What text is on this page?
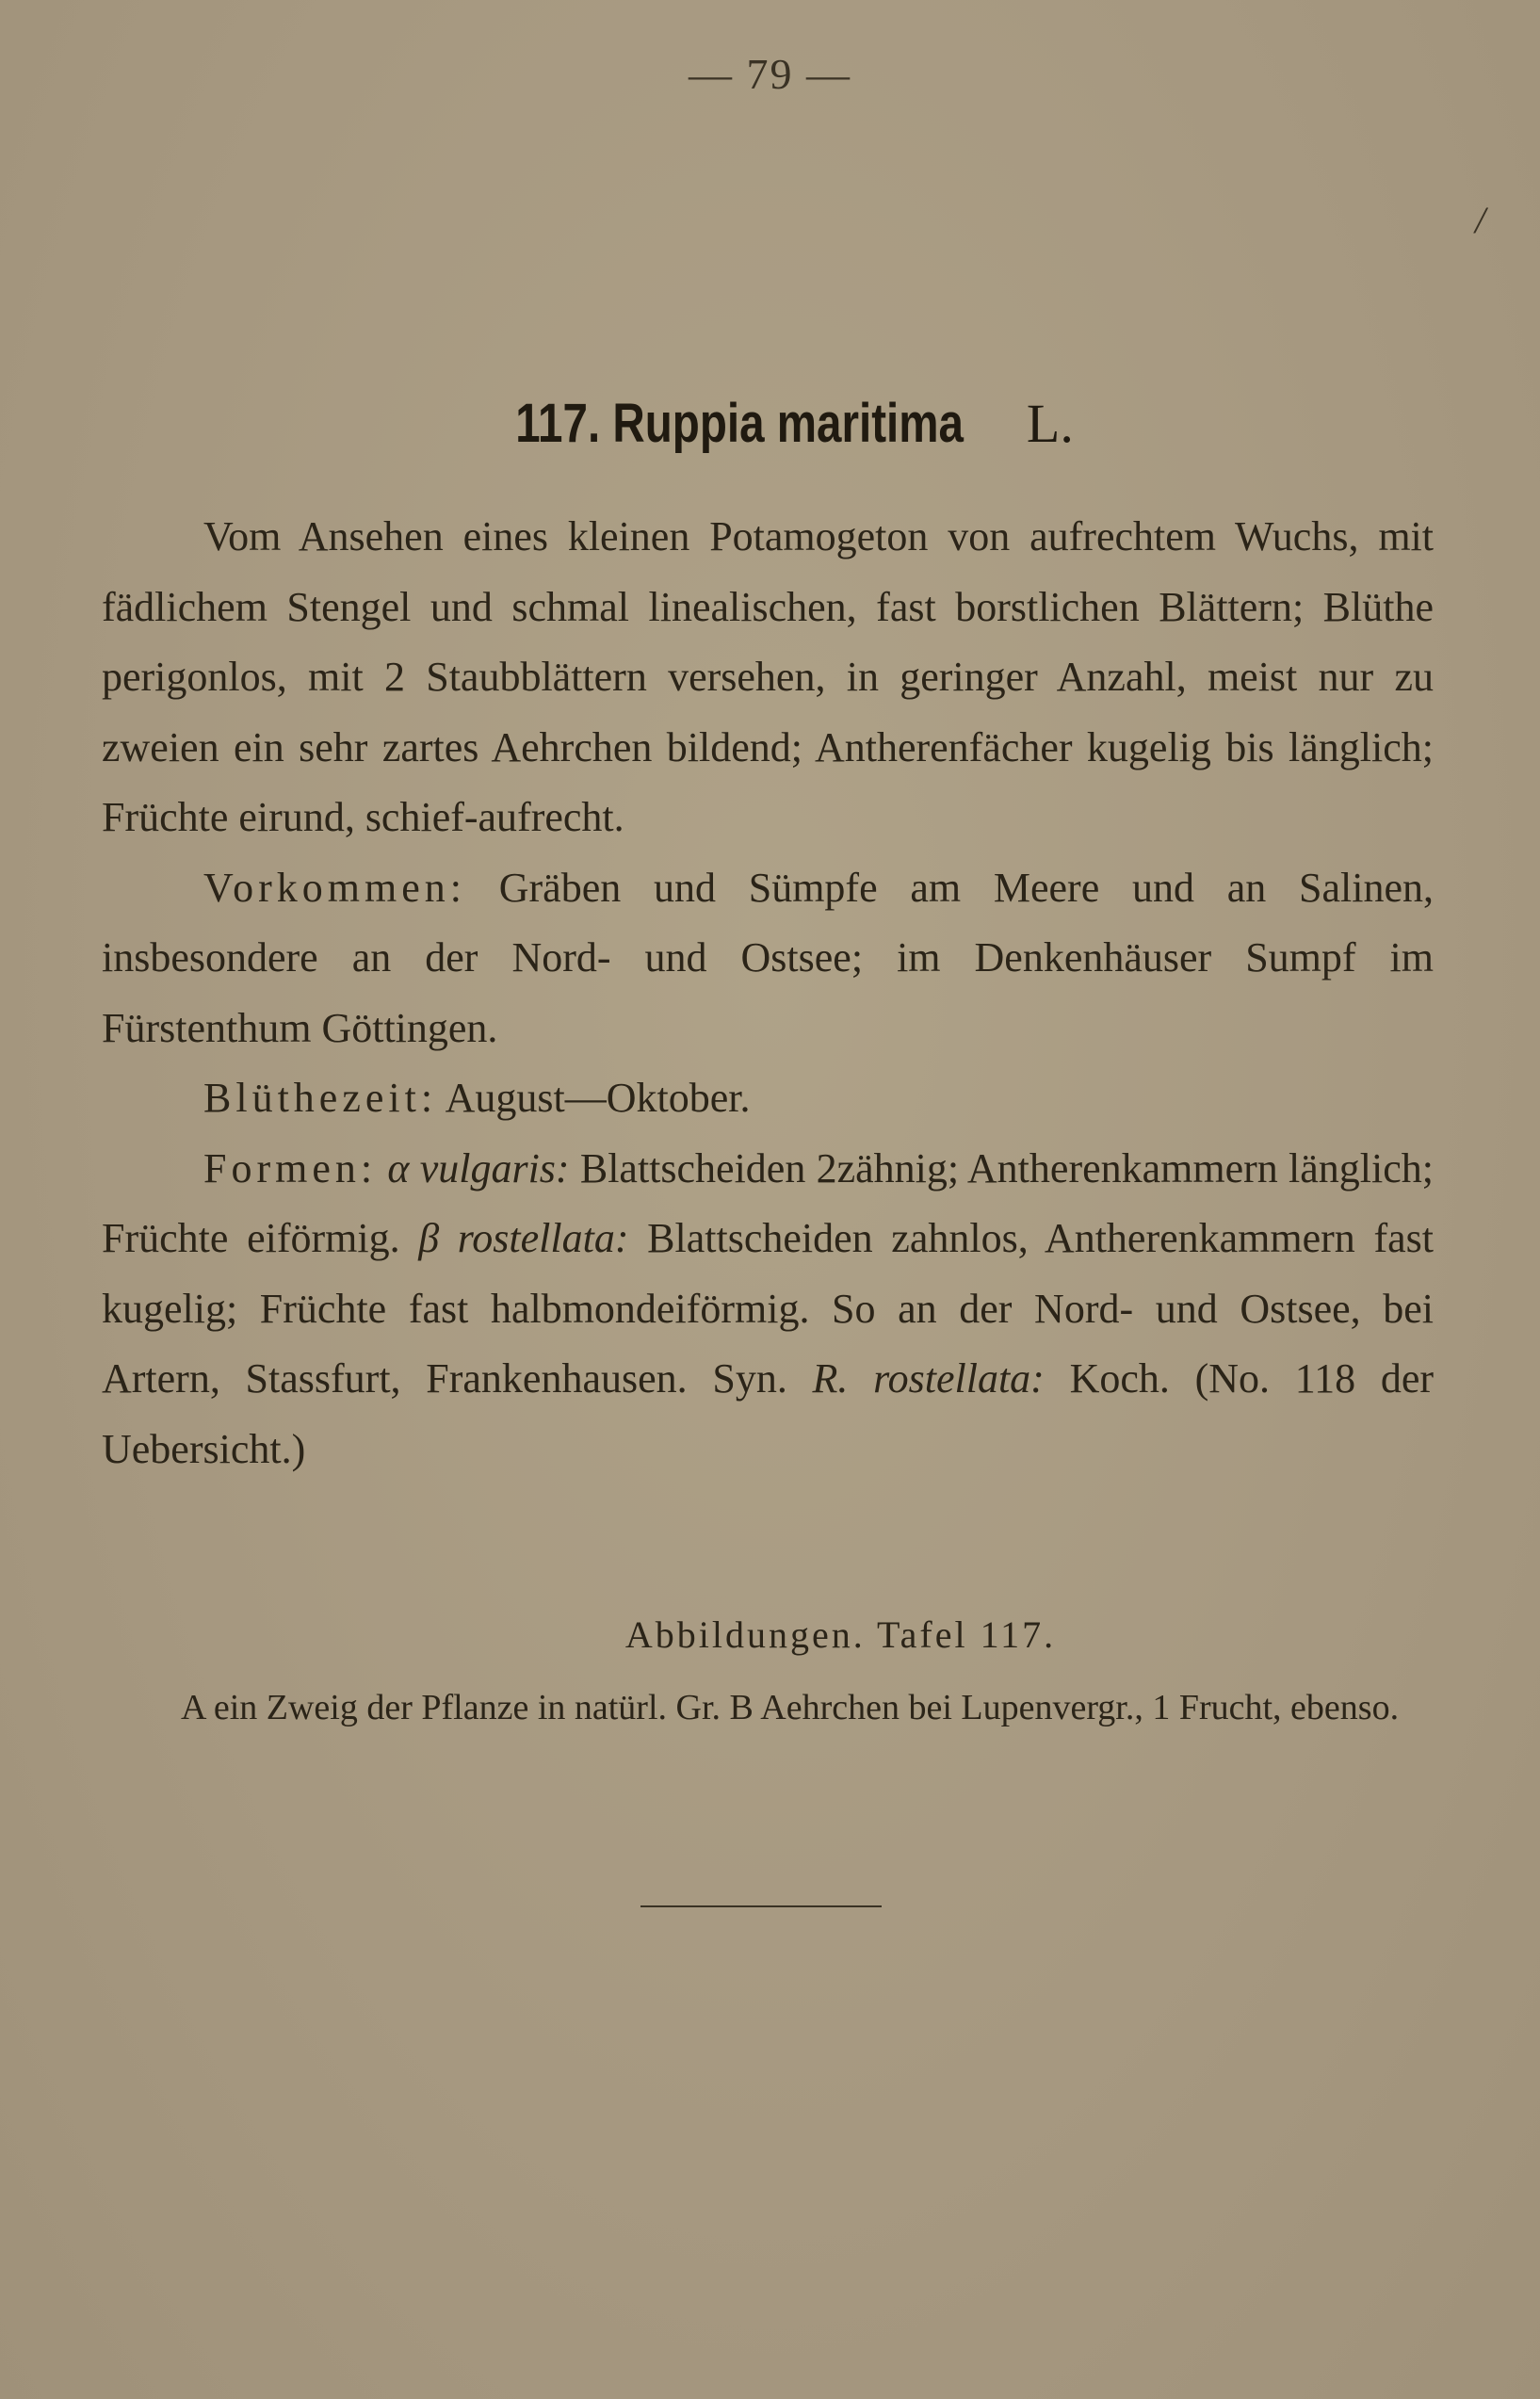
— 79 —
/
117. Ruppia maritima L.

Vom Ansehen eines kleinen Potamogeton von aufrechtem Wuchs, mit fädlichem Stengel und schmal linealischen, fast borstlichen Blättern; Blüthe perigonlos, mit 2 Staubblättern versehen, in geringer Anzahl, meist nur zu zweien ein sehr zartes Aehrchen bildend; Antherenfächer kugelig bis länglich; Früchte eirund, schief-aufrecht.

Vorkommen: Gräben und Sümpfe am Meere und an Salinen, insbesondere an der Nord- und Ostsee; im Denkenhäuser Sumpf im Fürstenthum Göttingen.

Blüthezeit: August—Oktober.

Formen: α vulgaris: Blattscheiden 2zähnig; Antherenkammern länglich; Früchte eiförmig. β rostellata: Blattscheiden zahnlos, Antherenkammern fast kugelig; Früchte fast halbmondeiförmig. So an der Nord- und Ostsee, bei Artern, Stassfurt, Frankenhausen. Syn. R. rostellata: Koch. (No. 118 der Uebersicht.)

Abbildungen. Tafel 117.

A ein Zweig der Pflanze in natürl. Gr. B Aehrchen bei Lupenvergr., 1 Frucht, ebenso.
